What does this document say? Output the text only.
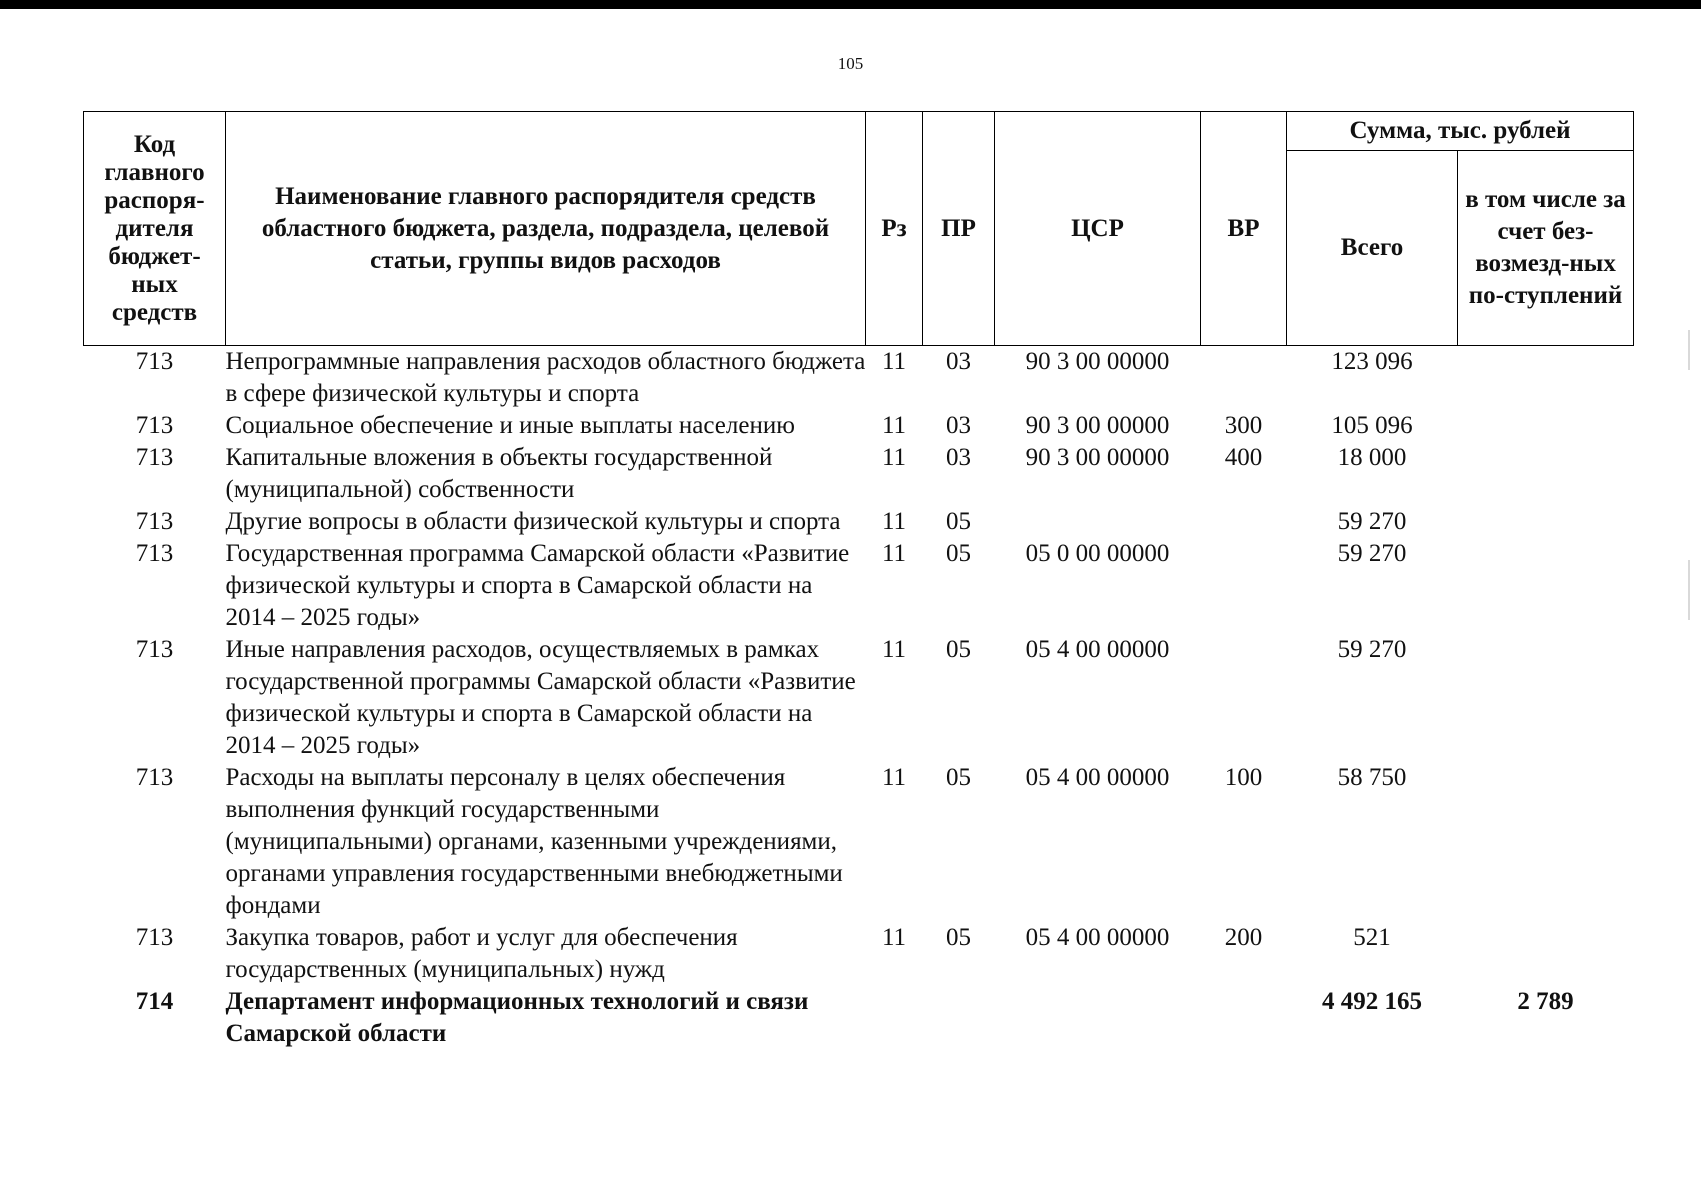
105
Код главного распоря-дителя бюджет-ных средств	Наименование главного распорядителя средств областного бюджета, раздела, подраздела, целевой статьи, группы видов расходов	Рз	ПР	ЦСР	ВР	Сумма, тыс. рублей	
						Всего	в том числе за счет без-возмезд-ных по-ступлений
713	Непрограммные направления расходов областного бюджета в сфере физической культуры и спорта	11	03	90 3 00 00000		123 096	
713	Социальное обеспечение и иные выплаты населению	11	03	90 3 00 00000	300	105 096	
713	Капитальные вложения в объекты государственной (муниципальной) собственности	11	03	90 3 00 00000	400	18 000	
713	Другие вопросы в области физической культуры и спорта	11	05			59 270	
713	Государственная программа Самарской области «Развитие физической культуры и спорта в Самарской области на 2014 – 2025 годы»	11	05	05 0 00 00000		59 270	
713	Иные направления расходов, осуществляемых в рамках государственной программы Самарской области «Развитие физической культуры и спорта в Самарской области на 2014 – 2025 годы»	11	05	05 4 00 00000		59 270	
713	Расходы на выплаты персоналу в целях обеспечения выполнения функций государственными (муниципальными) органами, казенными учреждениями, органами управления государственными внебюджетными фондами	11	05	05 4 00 00000	100	58 750	
713	Закупка товаров, работ и услуг для обеспечения государственных (муниципальных) нужд	11	05	05 4 00 00000	200	521	
714	Департамент информационных технологий и связи Самарской области					4 492 165	2 789
